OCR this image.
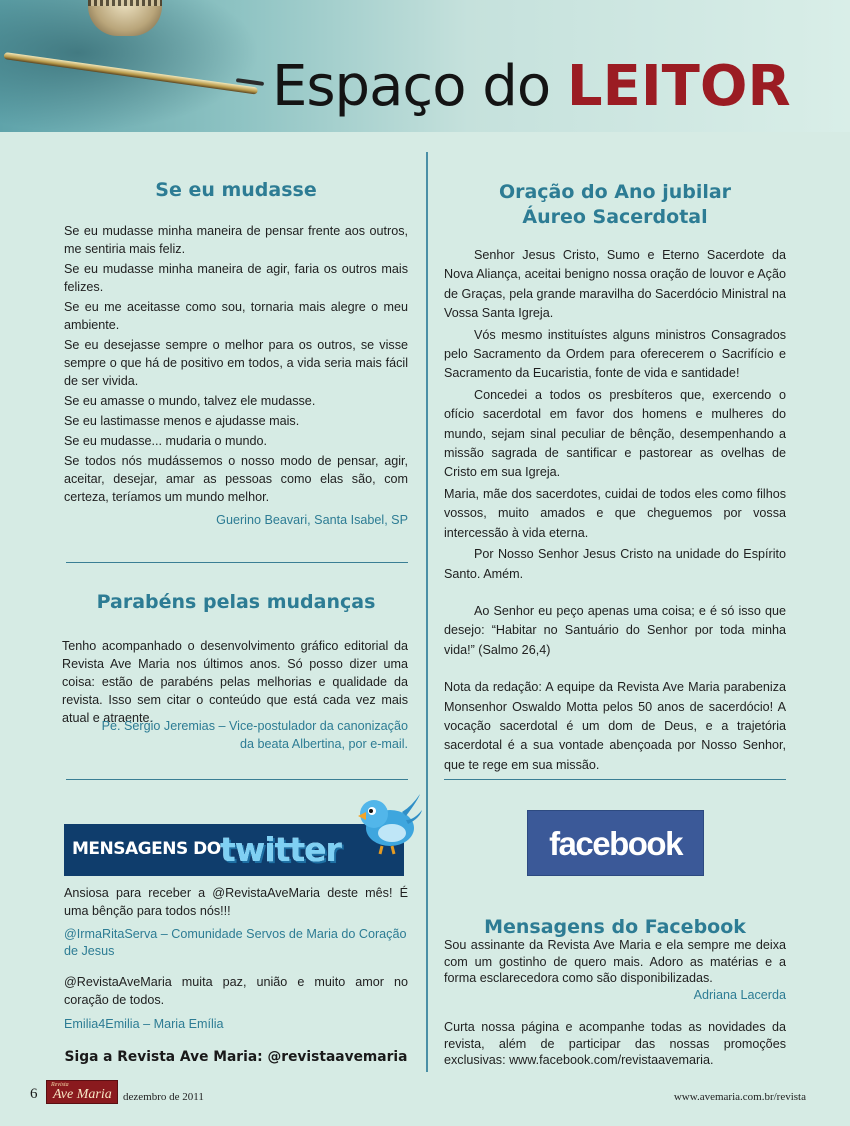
Espaço do LEITOR
Se eu mudasse

Se eu mudasse minha maneira de pensar frente aos outros, me sentiria mais feliz.

Se eu mudasse minha maneira de agir, faria os outros mais felizes.

Se eu me aceitasse como sou, tornaria mais alegre o meu ambiente.

Se eu desejasse sempre o melhor para os outros, se visse sempre o que há de positivo em todos, a vida seria mais fácil de ser vivida.

Se eu amasse o mundo, talvez ele mudasse.

Se eu lastimasse menos e ajudasse mais.

Se eu mudasse... mudaria o mundo.

Se todos nós mudássemos o nosso modo de pensar, agir, aceitar, desejar, amar as pessoas como elas são, com certeza, teríamos um mundo melhor.

Guerino Beavari, Santa Isabel, SP
Parabéns pelas mudanças
Tenho acompanhado o desenvolvimento gráfico editorial da Revista Ave Maria nos últimos anos. Só posso dizer uma coisa: estão de parabéns pelas melhorias e qualidade da revista. Isso sem citar o conteúdo que está cada vez mais atual e atraente.
Pe. Sergio Jeremias – Vice-postulador da canonização
da beata Albertina, por e-mail.
MENSAGENS DO twitter
Ansiosa para receber a @RevistaAveMaria deste mês! É uma bênção para todos nós!!!
@IrmaRitaServa – Comunidade Servos de Maria do Coração de Jesus
@RevistaAveMaria muita paz, união e muito amor no coração de todos.
Emilia4Emilia – Maria Emília
Siga a Revista Ave Maria: @revistaavemaria
Oração do Ano jubilar
Áureo Sacerdotal

Senhor Jesus Cristo, Sumo e Eterno Sacerdote da Nova Aliança, aceitai benigno nossa oração de louvor e Ação de Graças, pela grande maravilha do Sacerdócio Ministral na Vossa Santa Igreja.

Vós mesmo instituístes alguns ministros Consagrados pelo Sacramento da Ordem para oferecerem o Sacrifício e Sacramento da Eucaristia, fonte de vida e santidade!

Concedei a todos os presbíteros que, exercendo o ofício sacerdotal em favor dos homens e mulheres do mundo, sejam sinal peculiar de bênção, desempenhando a missão sagrada de santificar e pastorear as ovelhas de Cristo em sua Igreja.

Maria, mãe dos sacerdotes, cuidai de todos eles como filhos vossos, muito amados e que cheguemos por vossa intercessão à vida eterna.

Por Nosso Senhor Jesus Cristo na unidade do Espírito Santo. Amém.

Ao Senhor eu peço apenas uma coisa; e é só isso que desejo: “Habitar no Santuário do Senhor por toda minha vida!” (Salmo 26,4)

Nota da redação: A equipe da Revista Ave Maria parabeniza Monsenhor Oswaldo Motta pelos 50 anos de sacerdócio! A vocação sacerdotal é um dom de Deus, e a trajetória sacerdotal é a sua vontade abençoada por Nosso Senhor, que te rege em sua missão.

facebook
Mensagens do Facebook
Sou assinante da Revista Ave Maria e ela sempre me deixa com um gostinho de quero mais. Adoro as matérias e a forma esclarecedora como são disponibilizadas.
Adriana Lacerda
Curta nossa página e acompanhe todas as novidades da revista, além de participar das nossas promoções exclusivas: www.facebook.com/revistaavemaria.
6
Revista
Ave Maria dezembro de 2011	www.avemaria.com.br/revista
